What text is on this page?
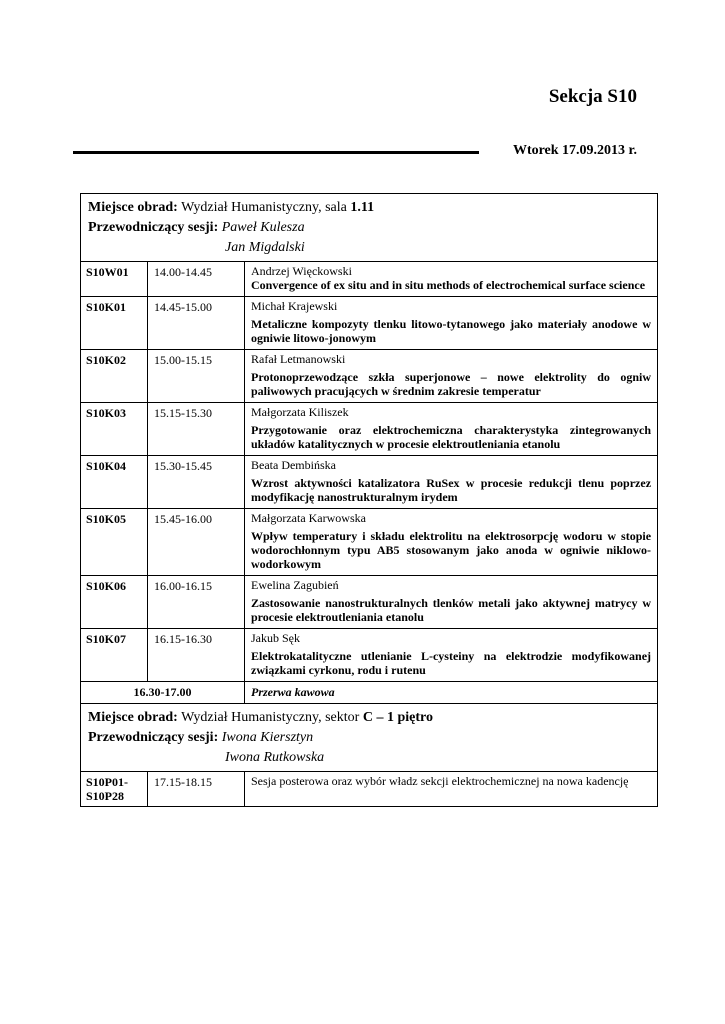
Sekcja S10
Wtorek 17.09.2013 r.
Miejsce obrad: Wydział Humanistyczny, sala 1.11
Przewodniczący sesji: Paweł Kulesza
Jan Migdalski		

S10W01	14.00-14.45	Andrzej Więckowski
Convergence of ex situ and in situ methods of electrochemical surface science

S10K01	14.45-15.00	Michał Krajewski
Metaliczne kompozyty tlenku litowo-tytanowego jako materiały anodowe w ogniwie litowo-jonowym

S10K02	15.00-15.15	Rafał Letmanowski
Protonoprzewodzące szkła superjonowe – nowe elektrolity do ogniw paliwowych pracujących w średnim zakresie temperatur

S10K03	15.15-15.30	Małgorzata Kiliszek
Przygotowanie oraz elektrochemiczna charakterystyka zintegrowanych układów katalitycznych w procesie elektroutleniania etanolu

S10K04	15.30-15.45	Beata Dembińska
Wzrost aktywności katalizatora RuSex w procesie redukcji tlenu poprzez modyfikację nanostrukturalnym irydem

S10K05	15.45-16.00	Małgorzata Karwowska
Wpływ temperatury i składu elektrolitu na elektrosorpcję wodoru w stopie wodorochłonnym typu AB5 stosowanym jako anoda w ogniwie niklowo-wodorkowym

S10K06	16.00-16.15	Ewelina Zagubień
Zastosowanie nanostrukturalnych tlenków metali jako aktywnej matrycy w procesie elektroutleniania etanolu

S10K07	16.15-16.30	Jakub Sęk
Elektrokatalityczne utlenianie L-cysteiny na elektrodzie modyfikowanej związkami cyrkonu, rodu i rutenu

16.30-17.00		Przerwa kawowa

Miejsce obrad: Wydział Humanistyczny, sektor C – 1 piętro
Przewodniczący sesji: Iwona Kiersztyn
Iwona Rutkowska		

S10P01-
S10P28	17.15-18.15	Sesja posterowa oraz wybór władz sekcji elektrochemicznej na nowa kadencję
